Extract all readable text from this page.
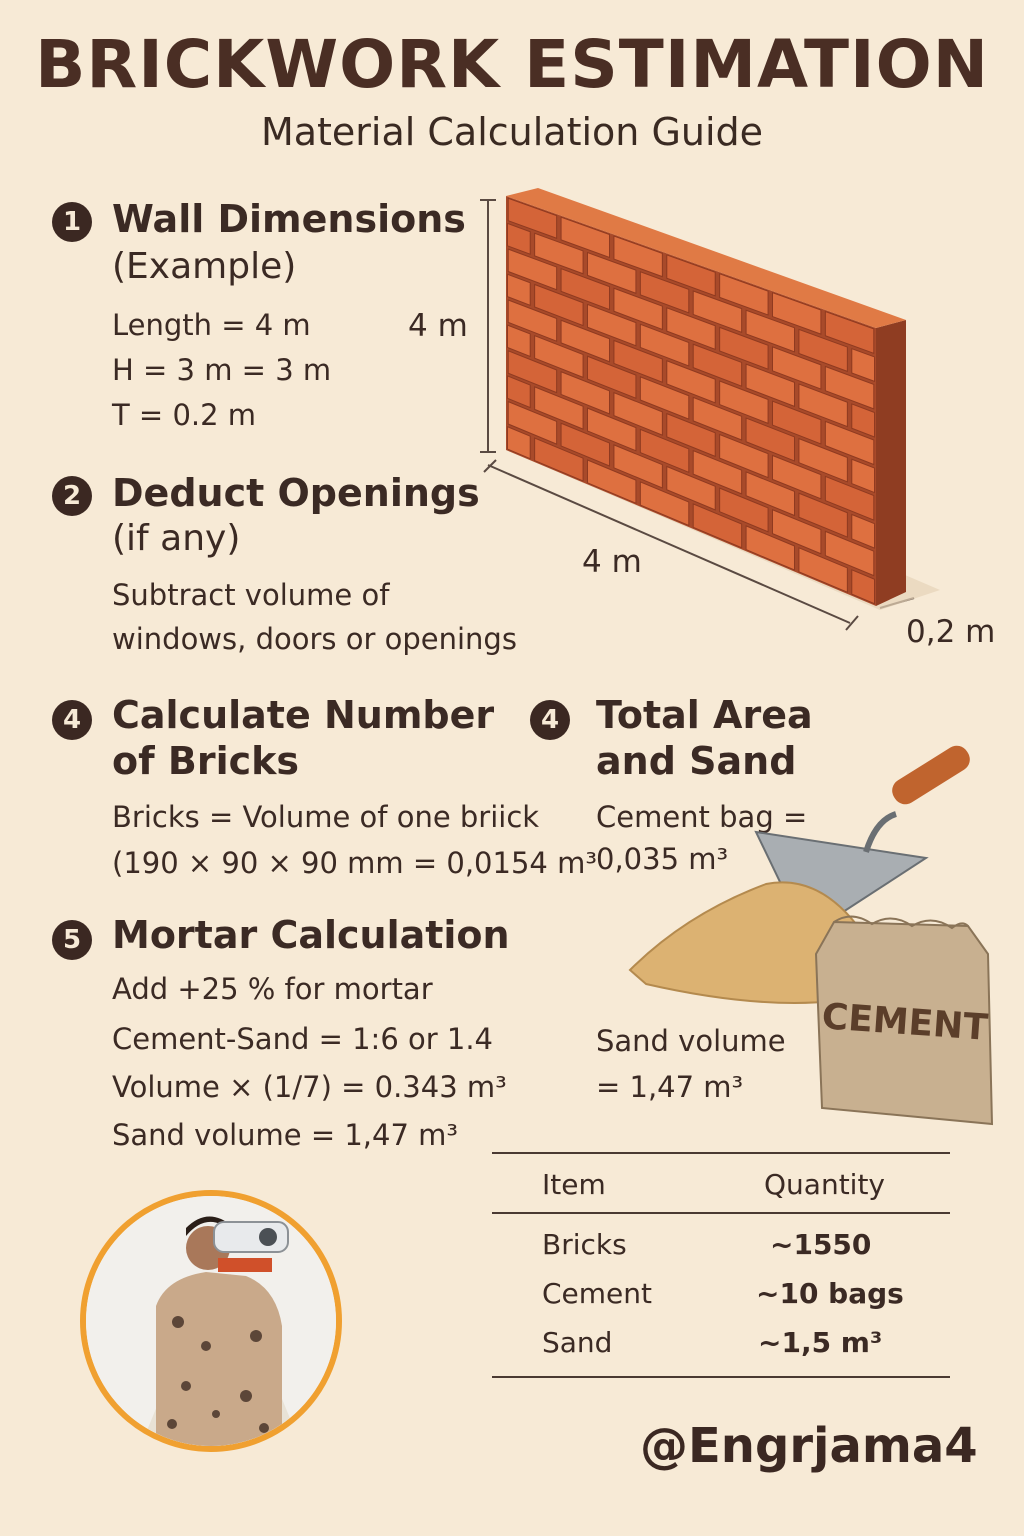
BRICKWORK ESTIMATION
Material Calculation Guide
1 Wall Dimensions
(Example)
Length = 4 m
H = 3 m = 3 m
T = 0.2 m
2 Deduct Openings
(if any)
Subtract volume of
windows, doors or openings
4 m
4 m
0,2 m
4 Calculate Number
of Bricks
Bricks = Volume of one briick
(190 × 90 × 90 mm = 0,0154 m³
4 Total Area
and Sand
Cement bag =
0,035 m³
Sand volume
= 1,47 m³
CEMENT
5 Mortar Calculation
Add +25 % for mortar
Cement-Sand = 1:6 or 1.4
Volume × (1/7) = 0.343 m³
Sand volume = 1,47 m³
Item	Quantity
Bricks	~1550
Cement	~10 bags
Sand	~1,5 m³
@Engrjama4
